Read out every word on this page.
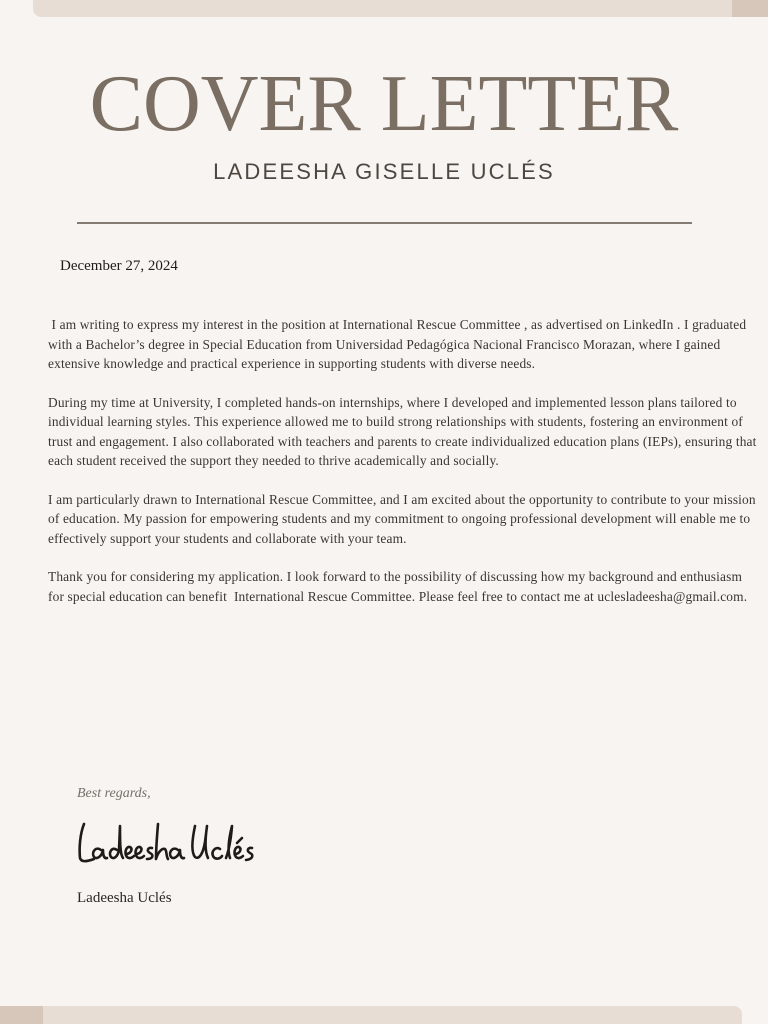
COVER LETTER
LADEESHA GISELLE UCLÉS
December 27, 2024

I am writing to express my interest in the position at International Rescue Committee , as advertised on LinkedIn . I graduated with a Bachelor’s degree in Special Education from Universidad Pedagógica Nacional Francisco Morazan, where I gained extensive knowledge and practical experience in supporting students with diverse needs.

During my time at University, I completed hands-on internships, where I developed and implemented lesson plans tailored to individual learning styles. This experience allowed me to build strong relationships with students, fostering an environment of trust and engagement. I also collaborated with teachers and parents to create individualized education plans (IEPs), ensuring that each student received the support they needed to thrive academically and socially.

I am particularly drawn to International Rescue Committee, and I am excited about the opportunity to contribute to your mission of education. My passion for empowering students and my commitment to ongoing professional development will enable me to effectively support your students and collaborate with your team.

Thank you for considering my application. I look forward to the possibility of discussing how my background and enthusiasm for special education can benefit  International Rescue Committee. Please feel free to contact me at uclesladeesha@gmail.com.

Best regards,
Ladeesha Uclés
